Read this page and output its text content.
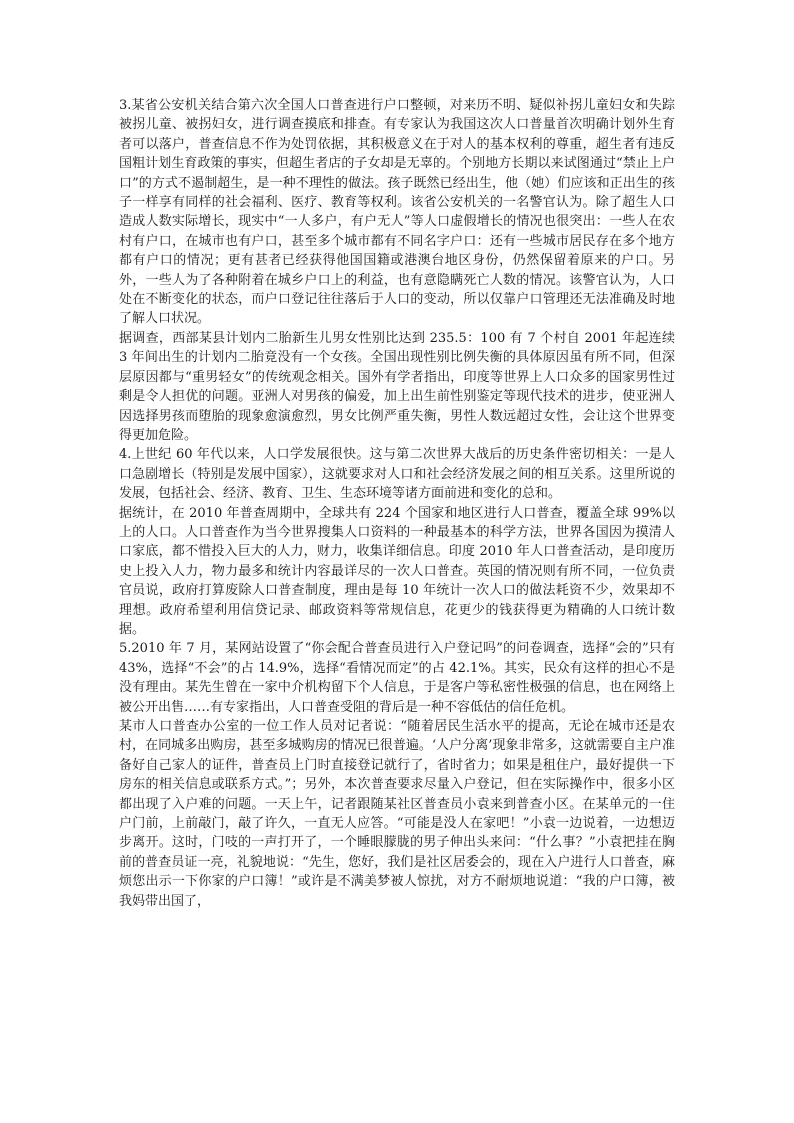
3.某省公安机关结合第六次全国人口普查进行户口整顿，对来历不明、疑似补拐儿童妇女和失踪被拐儿童、被拐妇女，进行调查摸底和排查。有专家认为我国这次人口普量首次明确计划外生育者可以落户，普查信息不作为处罚依据，其积极意义在于对人的基本权利的尊重，超生者有违反国粗计划生育政策的事实，但超生者店的子女却是无辜的。个别地方长期以来试图通过“禁止上户口”的方式不遏制超生，是一种不理性的做法。孩子既然已经出生，他（她）们应该和正出生的孩子一样享有同样的社会福利、医疗、教育等权利。该省公安机关的一名警官认为。除了超生人口造成人数实际增长，现实中“一人多户，有户无人”等人口虚假增长的情况也很突出：一些人在农村有户口，在城市也有户口，甚至多个城市都有不同名字户口：还有一些城市居民存在多个地方都有户口的情况；更有甚者已经获得他国国籍或港澳台地区身份，仍然保留着原来的户口。另外，一些人为了各种附着在城乡户口上的利益，也有意隐瞒死亡人数的情况。该警官认为，人口处在不断变化的状态，而户口登记往往落后于人口的变动，所以仅靠户口管理还无法准确及时地了解人口状况。

据调查，西部某县计划内二胎新生儿男女性别比达到 235.5：100 有 7 个村自 2001 年起连续 3 年间出生的计划内二胎竟没有一个女孩。全国出现性别比例失衡的具体原因虽有所不同，但深层原因都与“重男轻女”的传统观念相关。国外有学者指出，印度等世界上人口众多的国家男性过剩是令人担优的问题。亚洲人对男孩的偏爱，加上出生前性别鉴定等现代技术的进步，使亚洲人因选择男孩而堕胎的现象愈演愈烈，男女比例严重失衡，男性人数远超过女性，会让这个世界变得更加危险。

4.上世纪 60 年代以来，人口学发展很快。这与第二次世界大战后的历史条件密切相关：一是人口急剧增长（特别是发展中国家），这就要求对人口和社会经济发展之间的相互关系。这里所说的发展，包括社会、经济、教育、卫生、生态环境等诸方面前进和变化的总和。

据统计，在 2010 年普查周期中，全球共有 224 个国家和地区进行人口普查，覆盖全球 99%以上的人口。人口普查作为当今世界搜集人口资料的一种最基本的科学方法，世界各国因为摸清人口家底，都不惜投入巨大的人力，财力，收集详细信息。印度 2010 年人口普查活动，是印度历史上投入人力，物力最多和统计内容最详尽的一次人口普查。英国的情况则有所不同，一位负责官员说，政府打算废除人口普查制度，理由是每 10 年统计一次人口的做法耗资不少，效果却不理想。政府希望利用信贷记录、邮政资料等常规信息，花更少的钱获得更为精确的人口统计数据。

5.2010 年 7 月，某网站设置了“你会配合普查员进行入户登记吗”的问卷调查，选择“会的”只有 43%，选择“不会”的占 14.9%，选择“看情况而定”的占 42.1%。其实，民众有这样的担心不是没有理由。某先生曾在一家中介机构留下个人信息，于是客户等私密性极强的信息，也在网络上被公开出售……有专家指出，人口普查受阻的背后是一种不容低估的信任危机。

某市人口普查办公室的一位工作人员对记者说：“随着居民生活水平的提高，无论在城市还是农村，在同城多出购房，甚至多城购房的情况已很普遍。‘人户分离’现象非常多，这就需要自主户准备好自己家人的证件，普查员上门时直接登记就行了，省时省力；如果是租住户，最好提供一下房东的相关信息或联系方式。”；另外，本次普查要求尽量入户登记，但在实际操作中，很多小区都出现了入户难的问题。一天上午，记者跟随某社区普查员小袁来到普查小区。在某单元的一住户门前，上前敲门，敲了许久，一直无人应答。“可能是没人在家吧！”小袁一边说着，一边想迈步离开。这时，门吱的一声打开了，一个睡眼朦胧的男子伸出头来问：“什么事？”小袁把挂在胸前的普查员证一亮，礼貌地说：“先生，您好，我们是社区居委会的，现在入户进行人口普查，麻烦您出示一下你家的户口簿！”或许是不满美梦被人惊扰，对方不耐烦地说道：“我的户口簿，被我妈带出国了，
